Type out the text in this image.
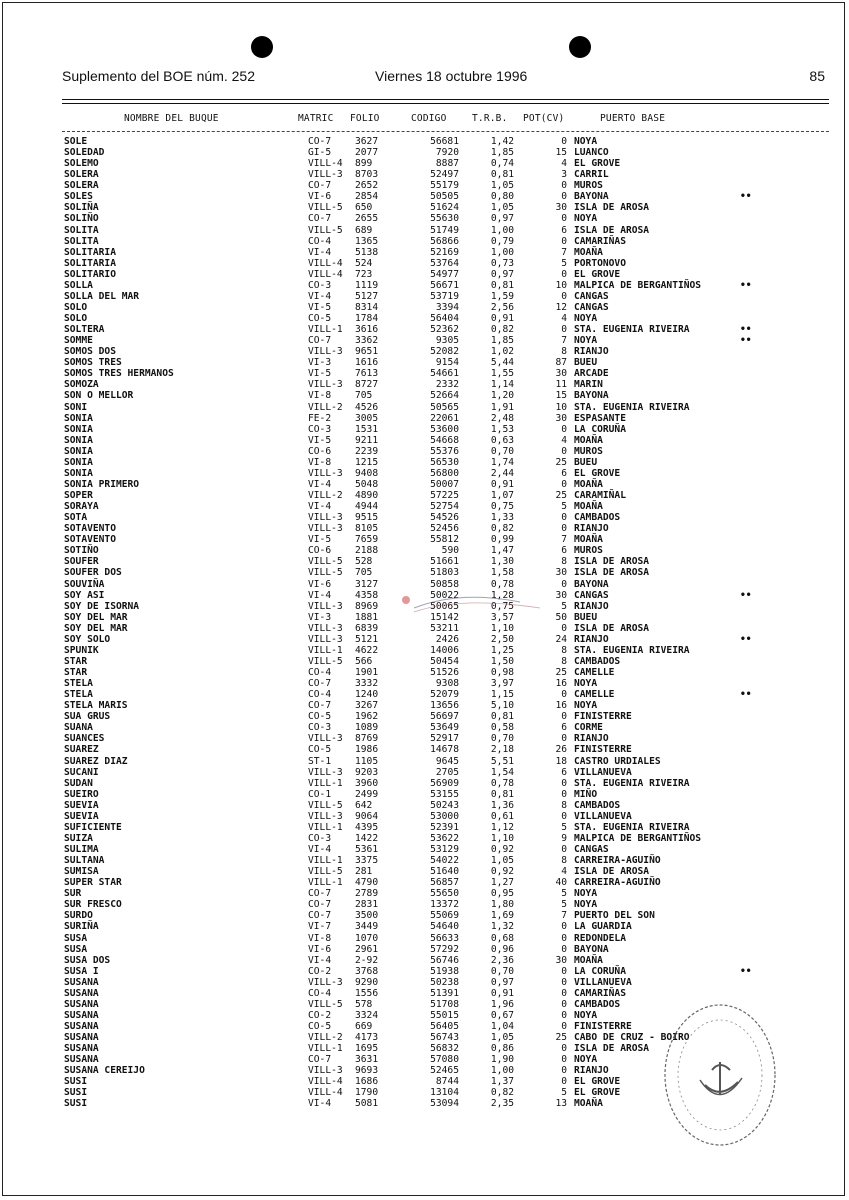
Suplemento del BOE núm. 252	Viernes 18 octubre 1996	85
NOMBRE DEL BUQUE	MATRIC FOLIO	CODIGO	T.R.B. POT(CV)	PUERTO BASE
SOLE	CO-7 3627	56681	1,42	0 NOYA
SOLEDAD	GI-5 2077	7920	1,85	15 LUANCO
SOLEMO	VILL-4 899	8887	0,74	4 EL GROVE
SOLERA	VILL-3 8703	52497	0,81	3 CARRIL
SOLERA	CO-7 2652	55179	1,05	0 MUROS
SOLES	VI-6 2854	50505	0,80	0 BAYONA	••
SOLIÑA	VILL-5 650	51624	1,05	30 ISLA DE AROSA
SOLIÑO	CO-7 2655	55630	0,97	0 NOYA
SOLITA	VILL-5 689	51749	1,00	6 ISLA DE AROSA
SOLITA	CO-4 1365	56866	0,79	0 CAMARIÑAS
SOLITARIA	VI-4 5138	52169	1,00	7 MOAÑA
SOLITARIA	VILL-4 524	53764	0,73	5 PORTONOVO
SOLITARIO	VILL-4 723	54977	0,97	0 EL GROVE
SOLLA	CO-3 1119	56671	0,81	10 MALPICA DE BERGANTIÑOS	••
SOLLA DEL MAR	VI-4 5127	53719	1,59	0 CANGAS
SOLO	VI-5 8314	3394	2,56	12 CANGAS
SOLO	CO-5 1784	56404	0,91	4 NOYA
SOLTERA	VILL-1 3616	52362	0,82	0 STA. EUGENIA RIVEIRA	••
SOMME	CO-7 3362	9305	1,85	7 NOYA	••
SOMOS DOS	VILL-3 9651	52082	1,02	8 RIANJO
SOMOS TRES	VI-3 1616	9154	5,44	87 BUEU
SOMOS TRES HERMANOS	VI-5 7613	54661	1,55	30 ARCADE
SOMOZA	VILL-3 8727	2332	1,14	11 MARIN
SON O MELLOR	VI-8 705	52664	1,20	15 BAYONA
SONI	VILL-2 4526	50565	1,91	10 STA. EUGENIA RIVEIRA
SONIA	FE-2 3005	22061	2,48	30 ESPASANTE
SONIA	CO-3 1531	53600	1,53	0 LA CORUÑA
SONIA	VI-5 9211	54668	0,63	4 MOAÑA
SONIA	CO-6 2239	55376	0,70	0 MUROS
SONIA	VI-8 1215	56530	1,74	25 BUEU
SONIA	VILL-3 9408	56800	2,44	6 EL GROVE
SONIA PRIMERO	VI-4 5048	50007	0,91	0 MOAÑA
SOPER	VILL-2 4890	57225	1,07	25 CARAMIÑAL
SORAYA	VI-4 4944	52754	0,75	5 MOAÑA
SOTA	VILL-3 9515	54526	1,33	0 CAMBADOS
SOTAVENTO	VILL-3 8105	52456	0,82	0 RIANJO
SOTAVENTO	VI-5 7659	55812	0,99	7 MOAÑA
SOTIÑO	CO-6 2188	590	1,47	6 MUROS
SOUFER	VILL-5 528	51661	1,30	8 ISLA DE AROSA
SOUFER DOS	VILL-5 705	51803	1,58	30 ISLA DE AROSA
SOUVIÑA	VI-6 3127	50858	0,78	0 BAYONA
SOY ASI	VI-4 4358	50022	1,28	30 CANGAS	••
SOY DE ISORNA	VILL-3 8969	50065	0,75	5 RIANJO
SOY DEL MAR	VI-3 1881	15142	3,57	50 BUEU
SOY DEL MAR	VILL-3 6839	53211	1,10	0 ISLA DE AROSA
SOY SOLO	VILL-3 5121	2426	2,50	24 RIANJO	••
SPUNIK	VILL-1 4622	14006	1,25	8 STA. EUGENIA RIVEIRA
STAR	VILL-5 566	50454	1,50	8 CAMBADOS
STAR	CO-4 1901	51526	0,98	25 CAMELLE
STELA	CO-7 3332	9308	3,97	16 NOYA
STELA	CO-4 1240	52079	1,15	0 CAMELLE	••
STELA MARIS	CO-7 3267	13656	5,10	16 NOYA
SUA GRUS	CO-5 1962	56697	0,81	0 FINISTERRE
SUANA	CO-3 1089	53649	0,58	6 CORME
SUANCES	VILL-3 8769	52917	0,70	0 RIANJO
SUAREZ	CO-5 1986	14678	2,18	26 FINISTERRE
SUAREZ DIAZ	ST-1 1105	9645	5,51	18 CASTRO URDIALES
SUCANI	VILL-3 9203	2705	1,54	6 VILLANUEVA
SUDAN	VILL-1 3960	56909	0,78	0 STA. EUGENIA RIVEIRA
SUEIRO	CO-1 2499	53155	0,81	0 MIÑO
SUEVIA	VILL-5 642	50243	1,36	8 CAMBADOS
SUEVIA	VILL-3 9064	53000	0,61	0 VILLANUEVA
SUFICIENTE	VILL-1 4395	52391	1,12	5 STA. EUGENIA RIVEIRA
SUIZA	CO-3 1422	53622	1,10	9 MALPICA DE BERGANTIÑOS
SULIMA	VI-4 5361	53129	0,92	0 CANGAS
SULTANA	VILL-1 3375	54022	1,05	8 CARREIRA-AGUIÑO
SUMISA	VILL-5 281	51640	0,92	4 ISLA DE AROSA
SUPER STAR	VILL-1 4790	56857	1,27	40 CARREIRA-AGUIÑO
SUR	CO-7 2789	55650	0,95	5 NOYA
SUR FRESCO	CO-7 2831	13372	1,80	5 NOYA
SURDO	CO-7 3500	55069	1,69	7 PUERTO DEL SON
SURIÑA	VI-7 3449	54640	1,32	0 LA GUARDIA
SUSA	VI-8 1070	56633	0,68	0 REDONDELA
SUSA	VI-6 2961	57292	0,96	0 BAYONA
SUSA DOS	VI-4 2-92	56746	2,36	30 MOAÑA
SUSA I	CO-2 3768	51938	0,70	0 LA CORUÑA	••
SUSANA	VILL-3 9290	50238	0,97	0 VILLANUEVA
SUSANA	CO-4 1556	51391	0,91	0 CAMARIÑAS
SUSANA	VILL-5 578	51708	1,96	0 CAMBADOS
SUSANA	CO-2 3324	55015	0,67	0 NOYA
SUSANA	CO-5 669	56405	1,04	0 FINISTERRE
SUSANA	VILL-2 4173	56743	1,05	25 CABO DE CRUZ - BOIRO
SUSANA	VILL-1 1695	56832	0,86	0 ISLA DE AROSA
SUSANA	CO-7 3631	57080	1,90	0 NOYA
SUSANA CEREIJO	VILL-3 9693	52465	1,00	0 RIANJO
SUSI	VILL-4 1686	8744	1,37	0 EL GROVE
SUSI	VILL-4 1790	13104	0,82	5 EL GROVE
SUSI	VI-4 5081	53094	2,35	13 MOAÑA
